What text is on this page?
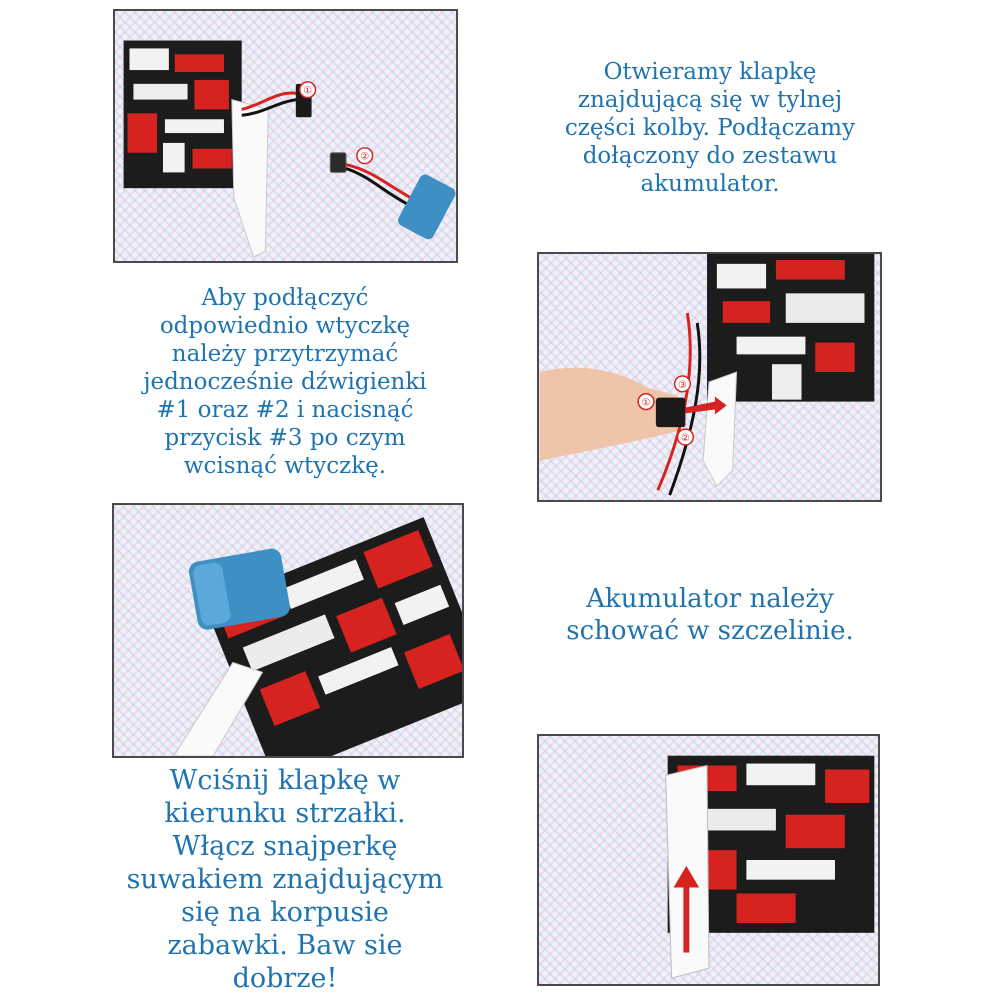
①
②
①
②
③
Otwieramy klapkę
znajdującą się w tylnej
części kolby. Podłączamy
dołączony do zestawu
akumulator.
Aby podłączyć
odpowiednio wtyczkę
należy przytrzymać
jednocześnie dźwigienki
#1 oraz #2 i nacisnąć
przycisk #3 po czym
wcisnąć wtyczkę.
Akumulator należy
schować w szczelinie.
Wciśnij klapkę w
kierunku strzałki.
Włącz snajperkę
suwakiem znajdującym
się na korpusie
zabawki. Baw sie
dobrze!
